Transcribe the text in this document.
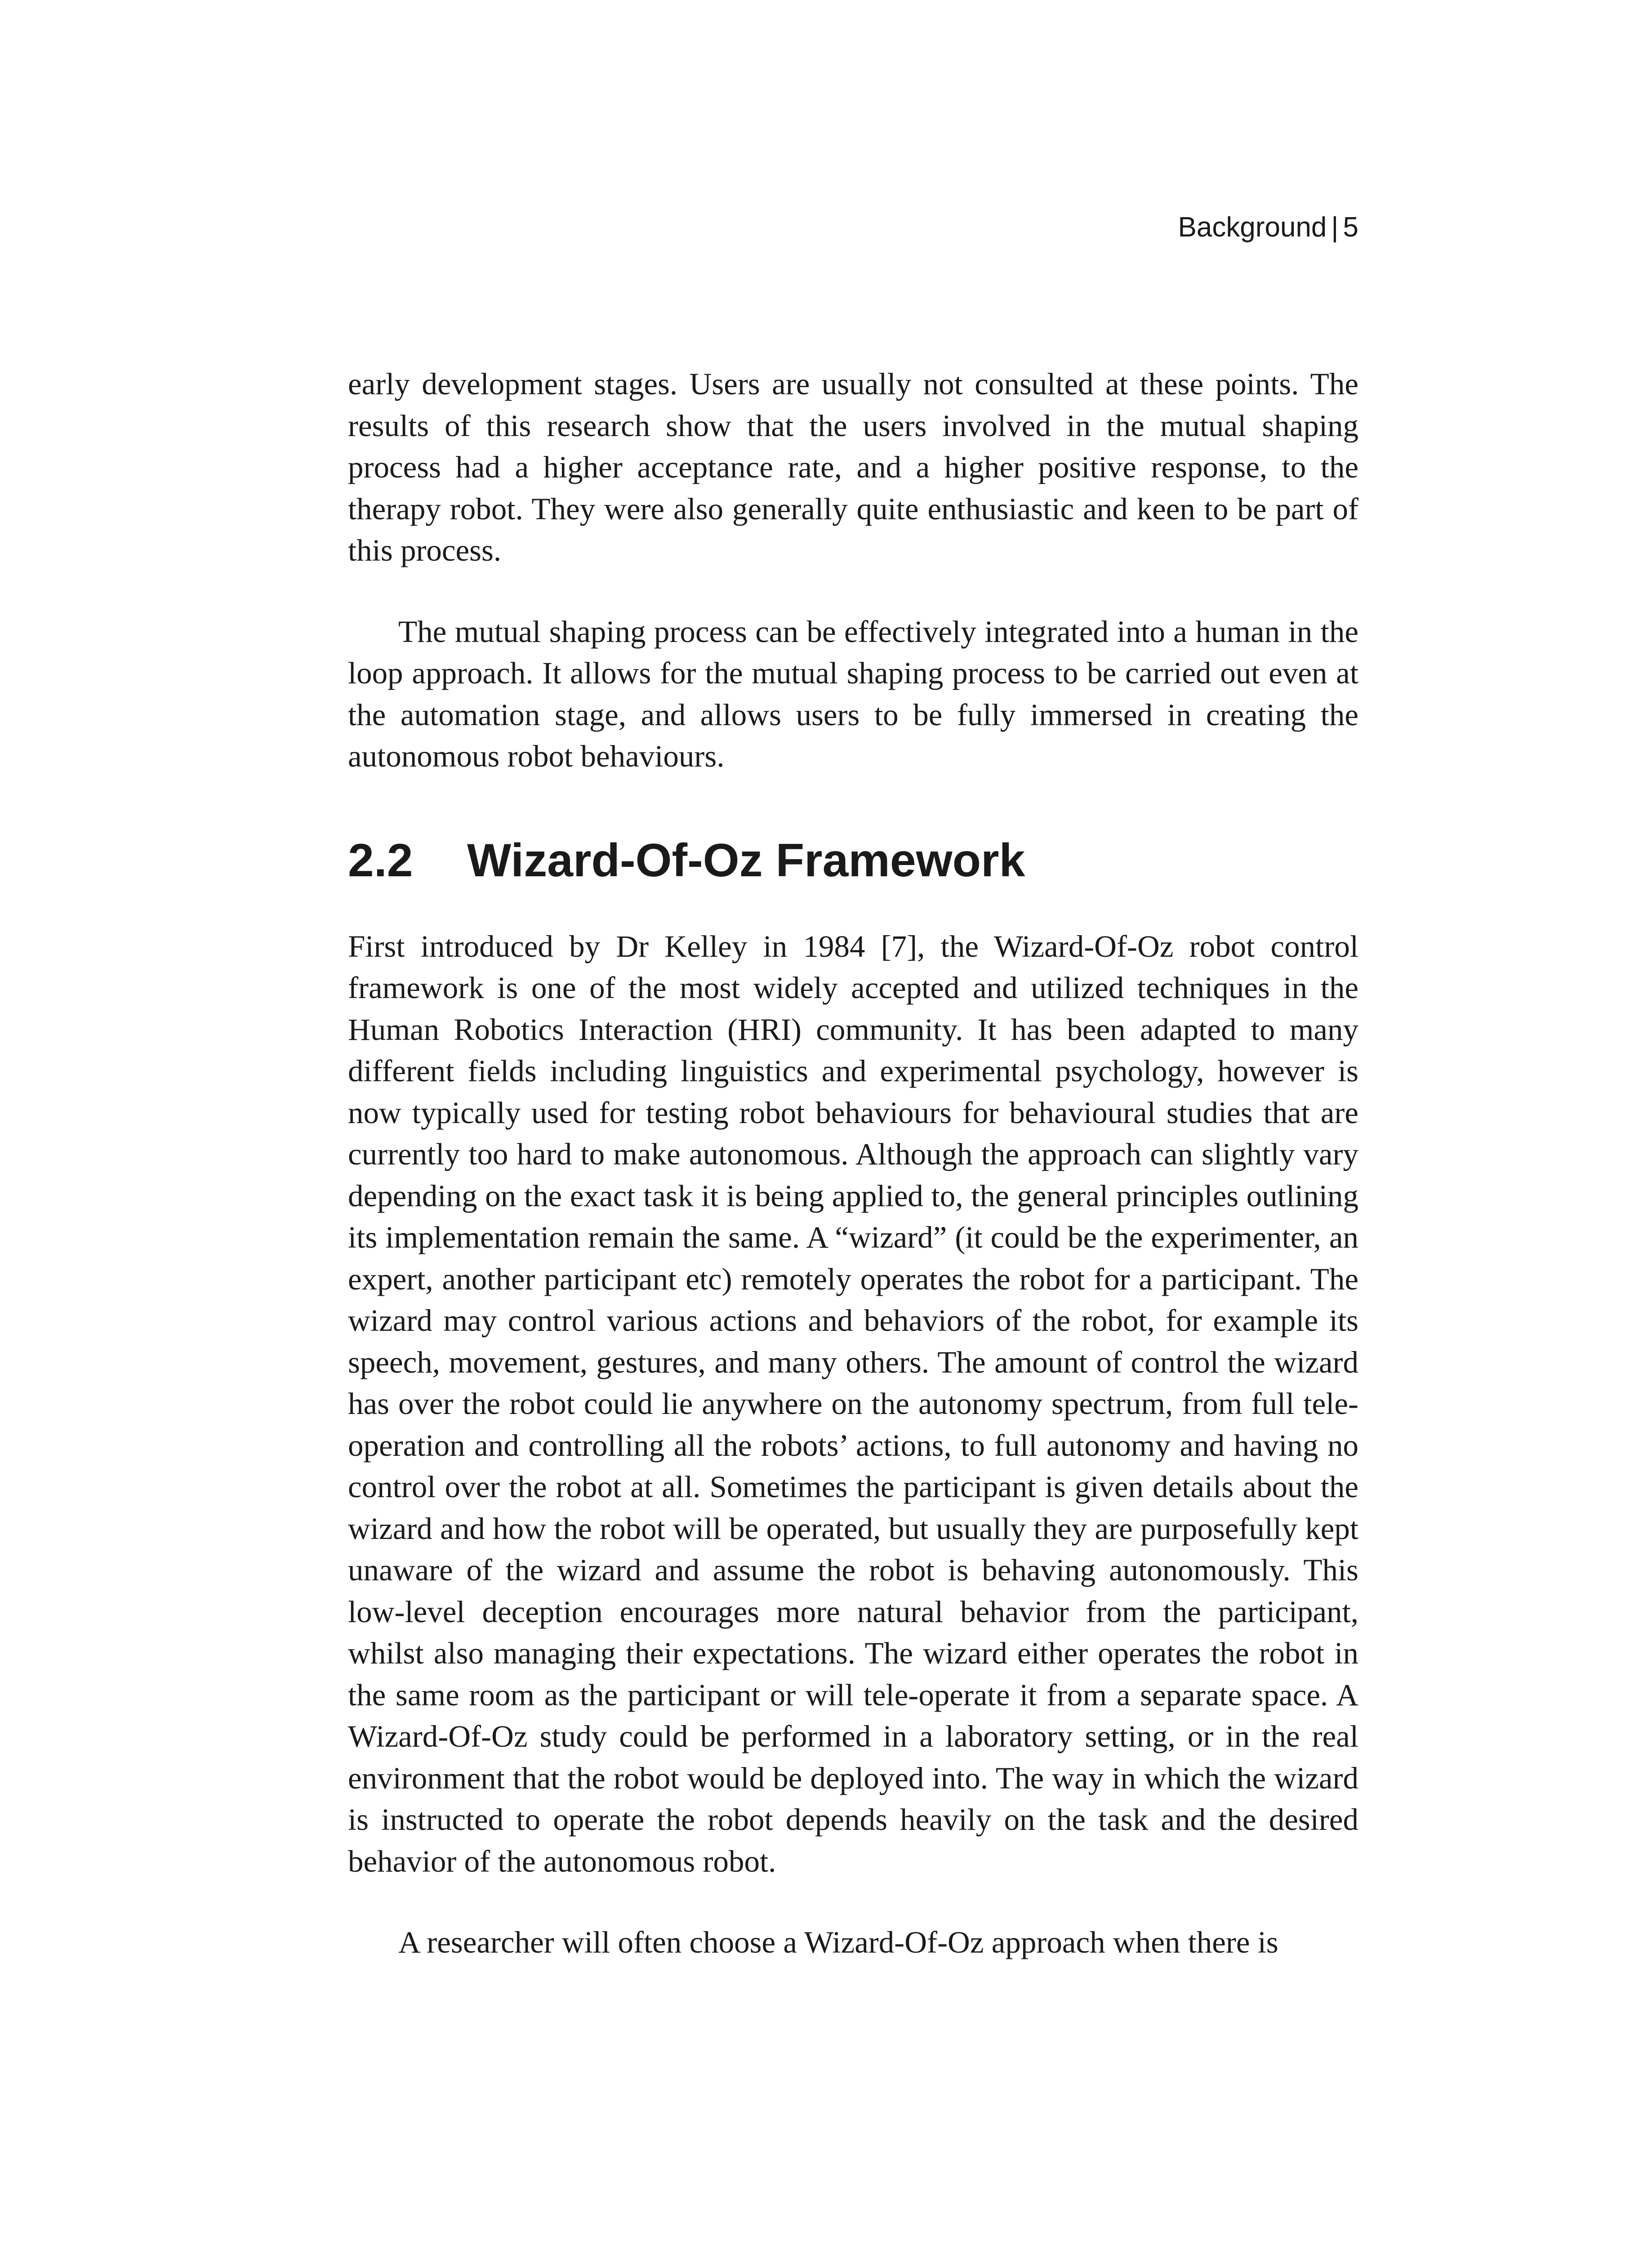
Background | 5

early development stages. Users are usually not consulted at these points. The results of this research show that the users involved in the mutual shaping process had a higher acceptance rate, and a higher positive response, to the therapy robot. They were also generally quite enthusiastic and keen to be part of this process.

The mutual shaping process can be effectively integrated into a human in the loop approach. It allows for the mutual shaping process to be carried out even at the automation stage, and allows users to be fully immersed in creating the autonomous robot behaviours.

2.2 Wizard-Of-Oz Framework

First introduced by Dr Kelley in 1984 [7], the Wizard-Of-Oz robot control framework is one of the most widely accepted and utilized techniques in the Human Robotics Interaction (HRI) community. It has been adapted to many different fields including linguistics and experimental psychology, however is now typically used for testing robot behaviours for behavioural studies that are currently too hard to make autonomous. Although the approach can slightly vary depending on the exact task it is being applied to, the general principles outlining its implementation remain the same. A “wizard” (it could be the experimenter, an expert, another participant etc) remotely operates the robot for a participant. The wizard may control various actions and behaviors of the robot, for example its speech, movement, gestures, and many others. The amount of control the wizard has over the robot could lie anywhere on the autonomy spectrum, from full tele-operation and controlling all the robots’ actions, to full autonomy and having no control over the robot at all. Sometimes the participant is given details about the wizard and how the robot will be operated, but usually they are purposefully kept unaware of the wizard and assume the robot is behaving autonomously. This low-level deception encourages more natural behavior from the participant, whilst also managing their expectations. The wizard either operates the robot in the same room as the participant or will tele-operate it from a separate space. A Wizard-Of-Oz study could be performed in a laboratory setting, or in the real environment that the robot would be deployed into. The way in which the wizard is instructed to operate the robot depends heavily on the task and the desired behavior of the autonomous robot.

A researcher will often choose a Wizard-Of-Oz approach when there is
